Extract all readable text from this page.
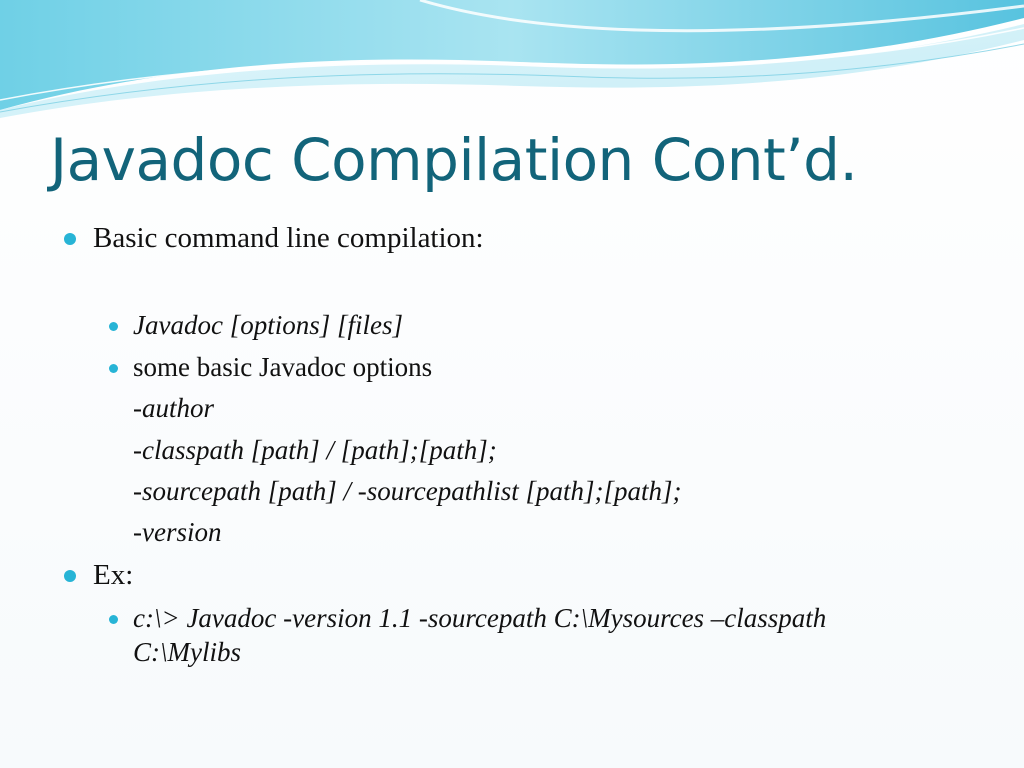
Javadoc Compilation Cont’d.
Basic command line compilation:
Javadoc [options] [files]
some basic Javadoc options
-author
-classpath [path] / [path];[path];
-sourcepath [path] / -sourcepathlist [path];[path];
-version
Ex:
c:\> Javadoc -version 1.1 -sourcepath C:\Mysources –classpath
C:\Mylibs
